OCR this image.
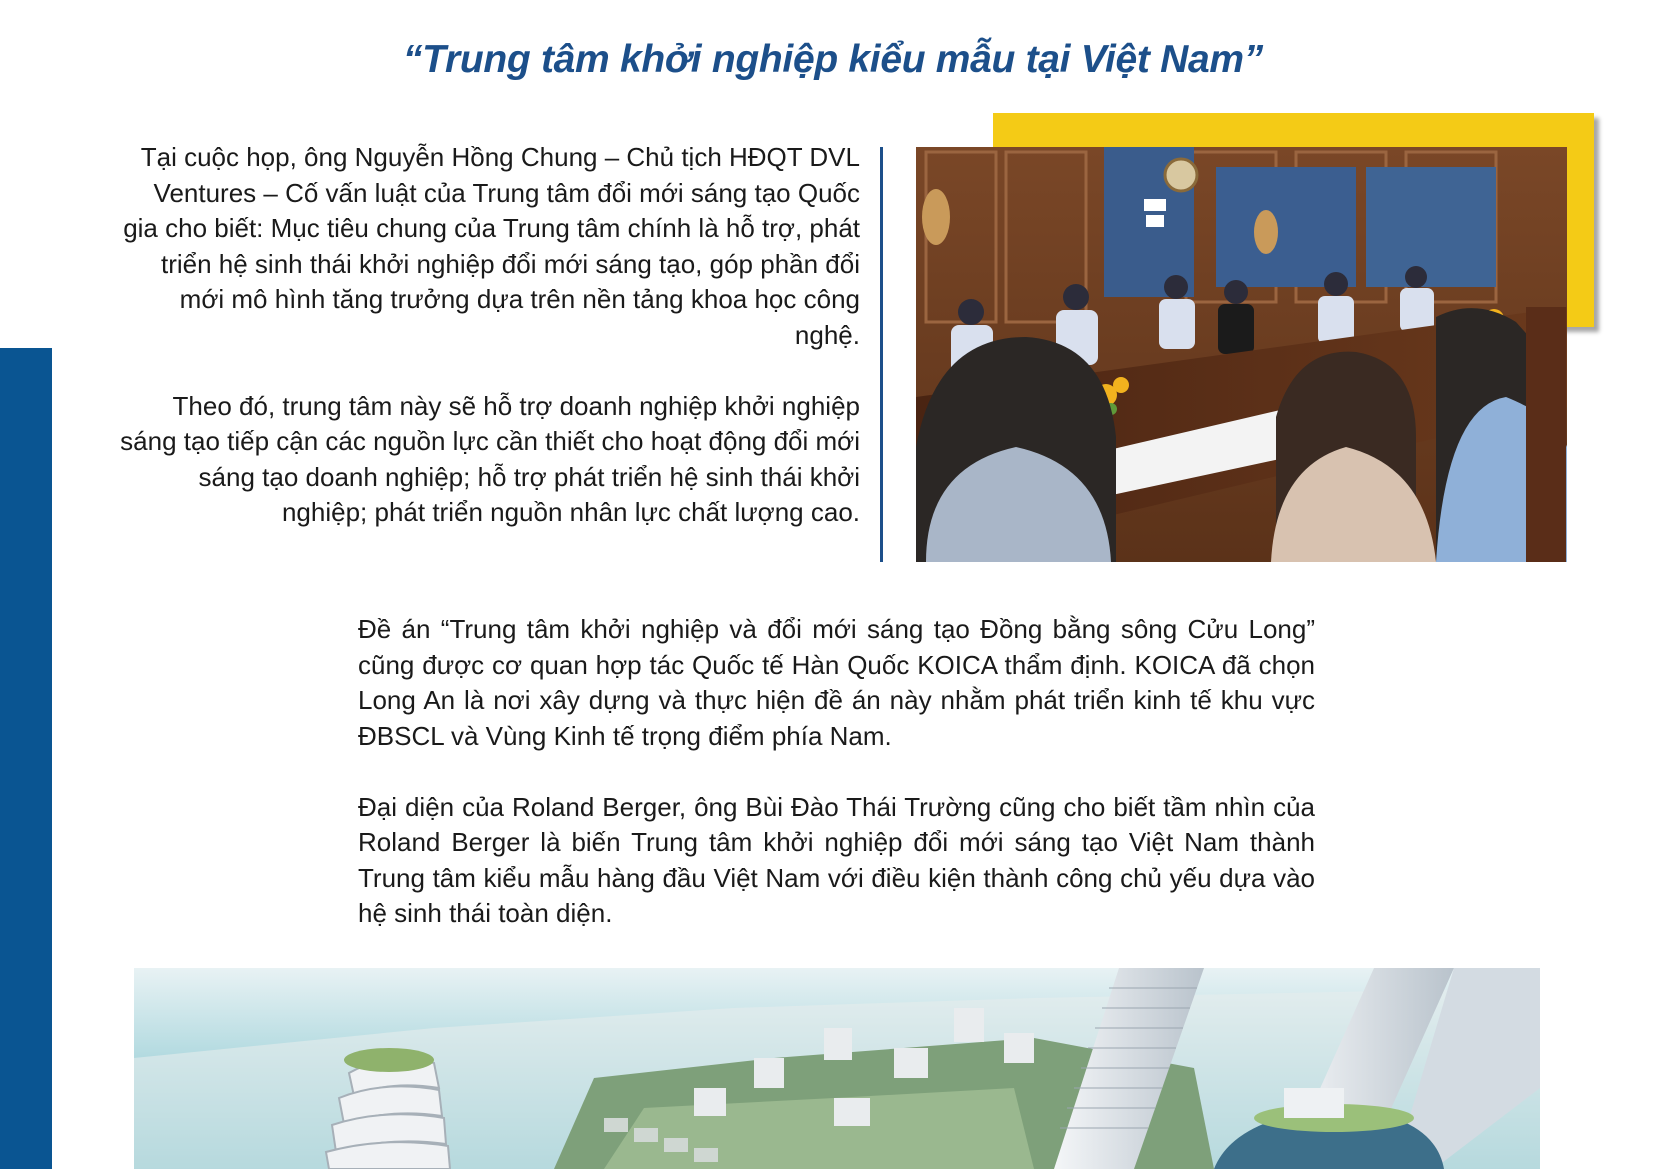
“Trung tâm khởi nghiệp kiểu mẫu tại Việt Nam”

Tại cuộc họp, ông Nguyễn Hồng Chung – Chủ tịch HĐQT DVL Ventures – Cố vấn luật của Trung tâm đổi mới sáng tạo Quốc gia cho biết: Mục tiêu chung của Trung tâm chính là hỗ trợ, phát triển hệ sinh thái khởi nghiệp đổi mới sáng tạo, góp phần đổi mới mô hình tăng trưởng dựa trên nền tảng khoa học công nghệ.

Theo đó, trung tâm này sẽ hỗ trợ doanh nghiệp khởi nghiệp sáng tạo tiếp cận các nguồn lực cần thiết cho hoạt động đổi mới sáng tạo doanh nghiệp; hỗ trợ phát triển hệ sinh thái khởi nghiệp; phát triển nguồn nhân lực chất lượng cao.

Đề án “Trung tâm khởi nghiệp và đổi mới sáng tạo Đồng bằng sông Cửu Long” cũng được cơ quan hợp tác Quốc tế Hàn Quốc KOICA thẩm định. KOICA đã chọn Long An là nơi xây dựng và thực hiện đề án này nhằm phát triển kinh tế khu vực ĐBSCL và Vùng Kinh tế trọng điểm phía Nam.

Đại diện của Roland Berger, ông Bùi Đào Thái Trường cũng cho biết tầm nhìn của Roland Berger là biến Trung tâm khởi nghiệp đổi mới sáng tạo Việt Nam thành Trung tâm kiểu mẫu hàng đầu Việt Nam với điều kiện thành công chủ yếu dựa vào hệ sinh thái toàn diện.
